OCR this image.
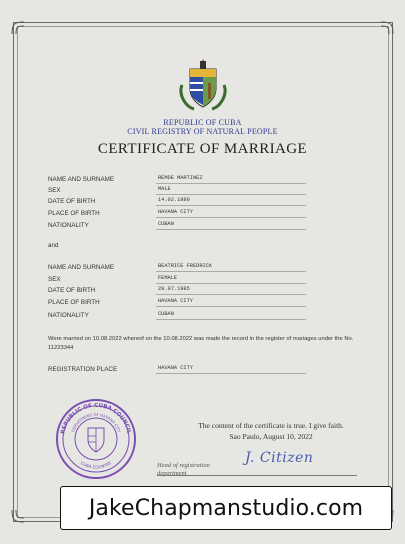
REPUBLIC OF CUBA
CIVIL REGISTRY OF NATURAL PEOPLE
CERTIFICATE OF MARRIAGE
NAME AND SURNAME	REMDE MARTINEZ
SEX	MALE
DATE OF BIRTH	14.02.1980
PLACE OF BIRTH	HAVANA CITY
NATIONALITY	CUBAN
and
NAME AND SURNAME	BEATRICE FREDRICK
SEX	FEMALE
DATE OF BIRTH	29.07.1985
PLACE OF BIRTH	HAVANA CITY
NATIONALITY	CUBAN
Were married on 10.08.2022 whereof on the 10.08.2022 was made the record in the register of mariages under the No. 11223344
REGISTRATION PLACE	HAVANA CITY
REPUBLIC OF CUBA COUNCIL
DEPARTMENT OF HAVANA CITY
CUBA COUNTRY
The content of the certificate is true. I give faith.
Sao Paulo, August 10, 2022
Head of registration
department
J. Citizen
JakeChapmanstudio.com
